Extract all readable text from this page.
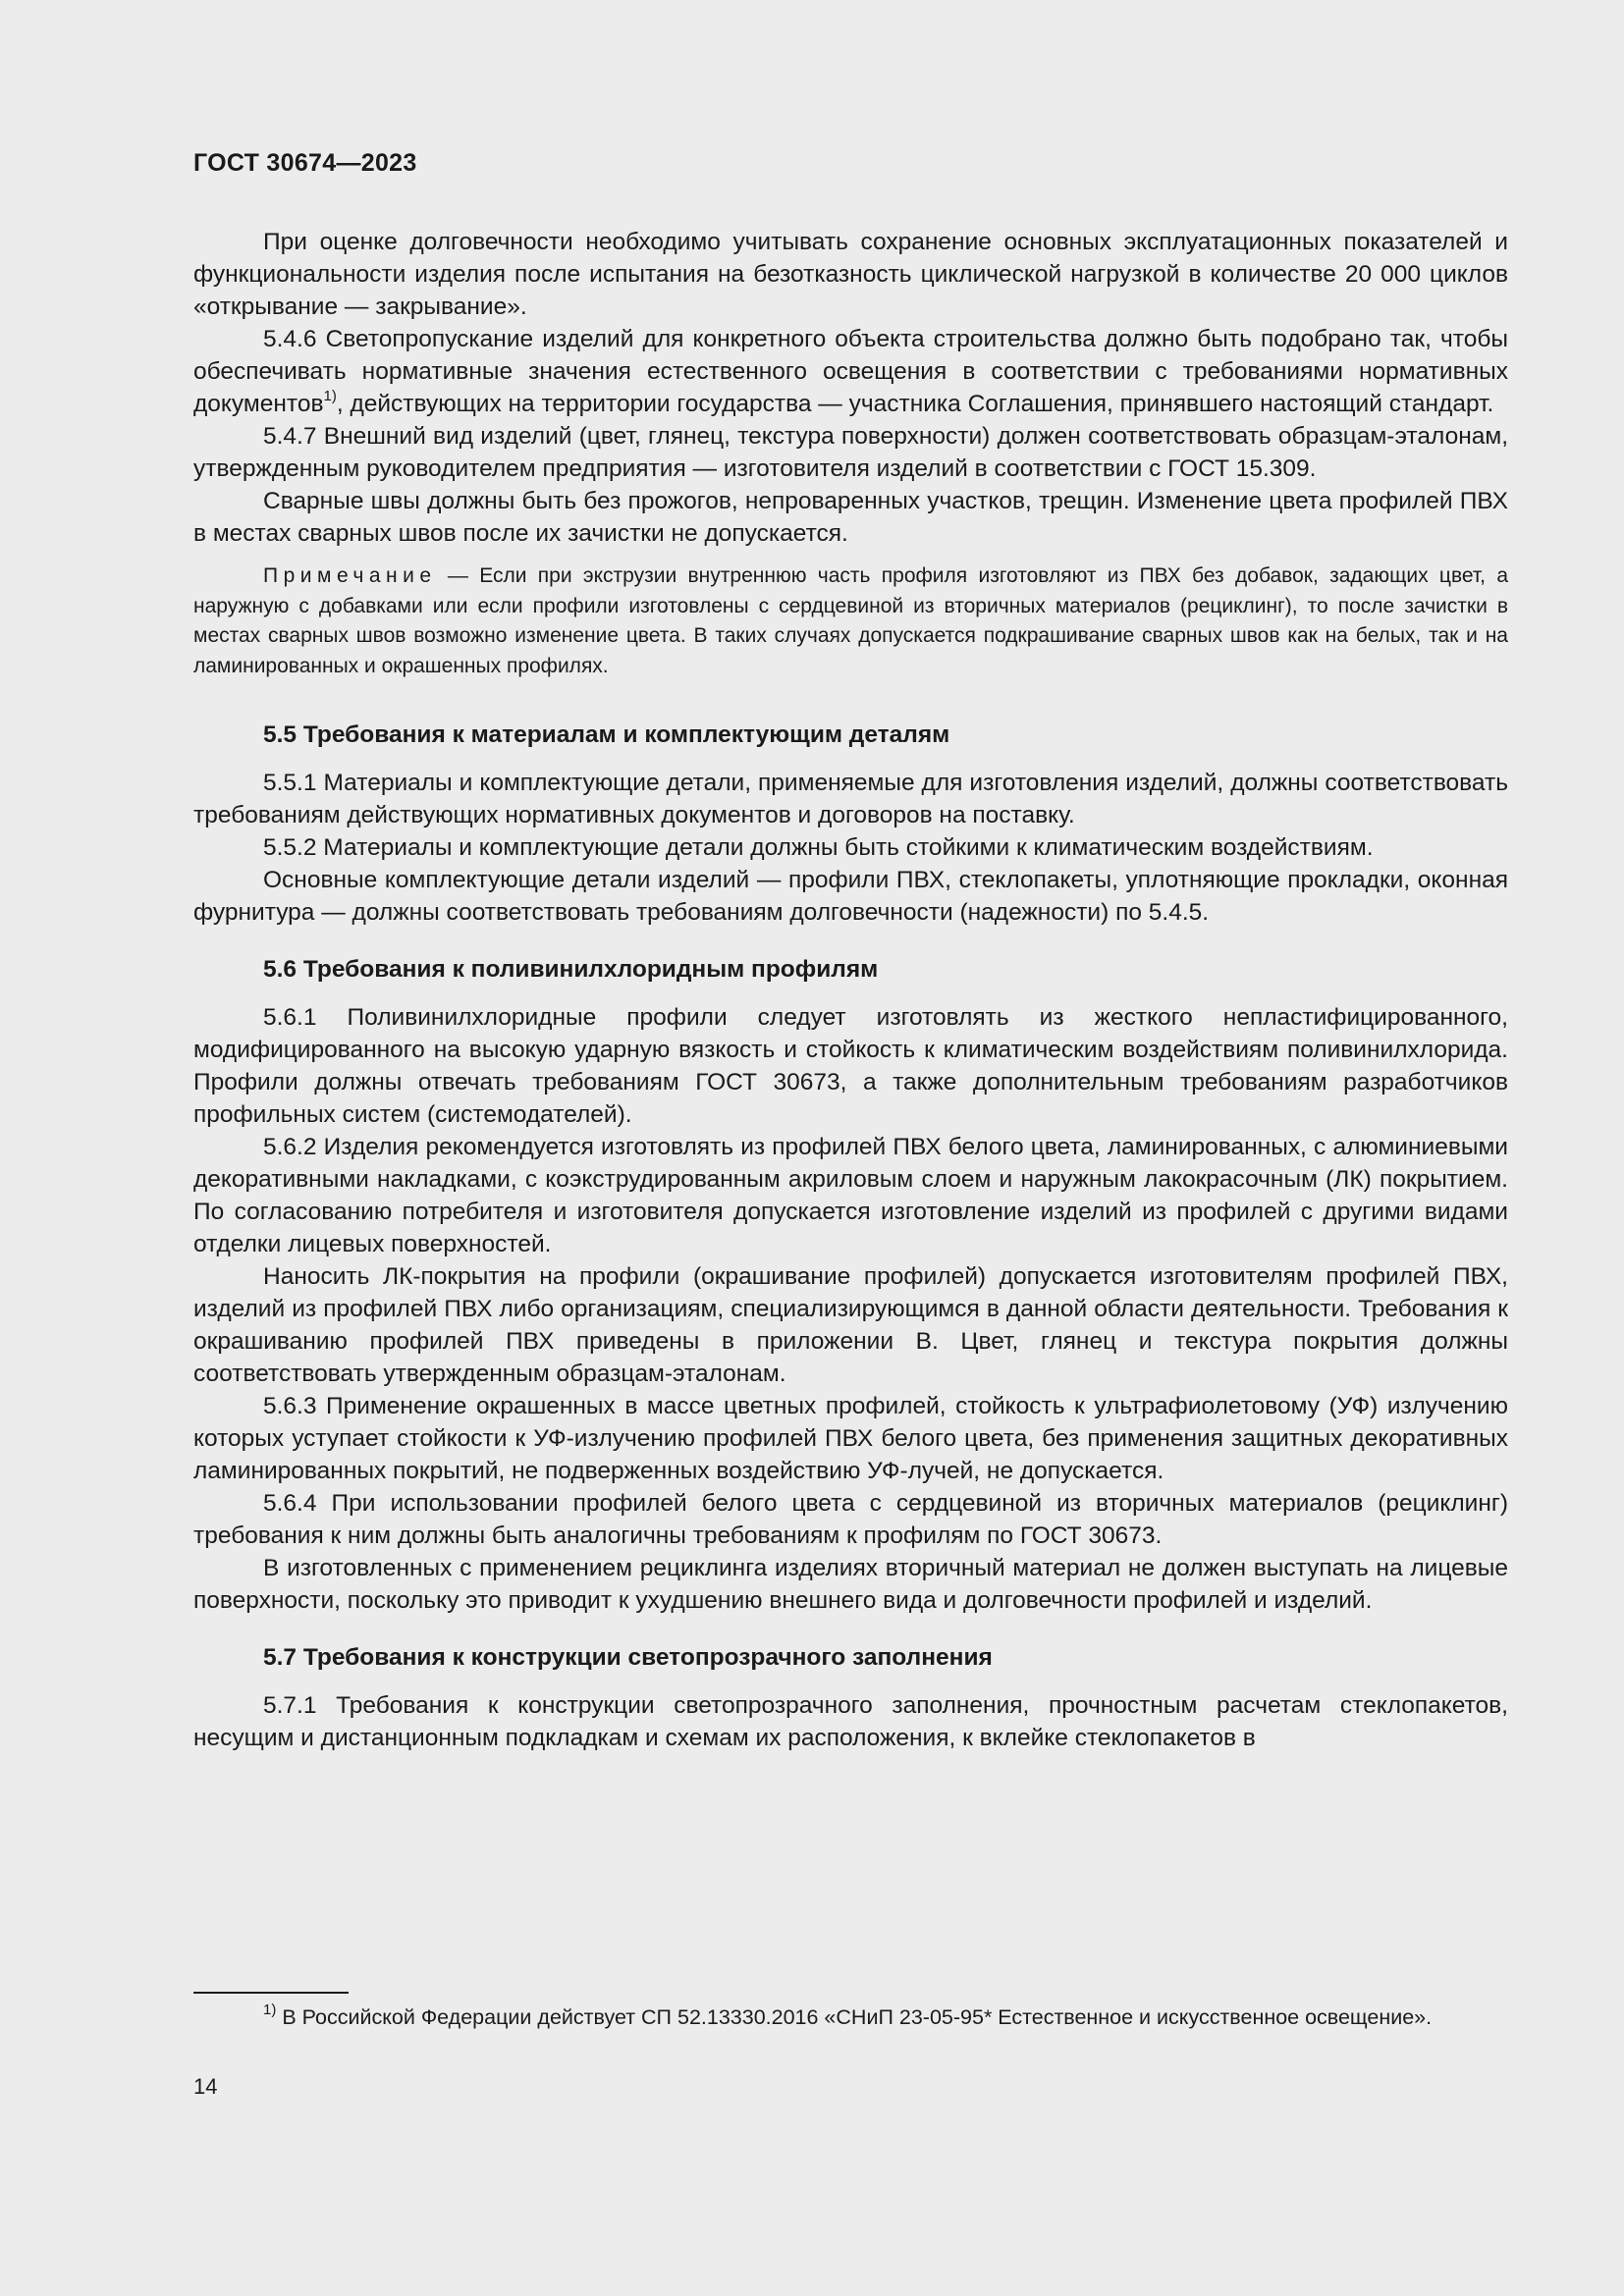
ГОСТ 30674—2023

При оценке долговечности необходимо учитывать сохранение основных эксплуатационных показателей и функциональности изделия после испытания на безотказность циклической нагрузкой в количестве 20 000 циклов «открывание — закрывание».

5.4.6 Светопропускание изделий для конкретного объекта строительства должно быть подобрано так, чтобы обеспечивать нормативные значения естественного освещения в соответствии с требованиями нормативных документов$^{1)}$, действующих на территории государства — участника Соглашения, принявшего настоящий стандарт.

5.4.7 Внешний вид изделий (цвет, глянец, текстура поверхности) должен соответствовать образцам-эталонам, утвержденным руководителем предприятия — изготовителя изделий в соответствии с ГОСТ 15.309.

Сварные швы должны быть без прожогов, непроваренных участков, трещин. Изменение цвета профилей ПВХ в местах сварных швов после их зачистки не допускается.

Примечание — Если при экструзии внутреннюю часть профиля изготовляют из ПВХ без добавок, задающих цвет, а наружную с добавками или если профили изготовлены с сердцевиной из вторичных материалов (рециклинг), то после зачистки в местах сварных швов возможно изменение цвета. В таких случаях допускается подкрашивание сварных швов как на белых, так и на ламинированных и окрашенных профилях.

5.5 Требования к материалам и комплектующим деталям

5.5.1 Материалы и комплектующие детали, применяемые для изготовления изделий, должны соответствовать требованиям действующих нормативных документов и договоров на поставку.

5.5.2 Материалы и комплектующие детали должны быть стойкими к климатическим воздействиям.

Основные комплектующие детали изделий — профили ПВХ, стеклопакеты, уплотняющие прокладки, оконная фурнитура — должны соответствовать требованиям долговечности (надежности) по 5.4.5.

5.6 Требования к поливинилхлоридным профилям

5.6.1 Поливинилхлоридные профили следует изготовлять из жесткого непластифицированного, модифицированного на высокую ударную вязкость и стойкость к климатическим воздействиям поливинилхлорида. Профили должны отвечать требованиям ГОСТ 30673, а также дополнительным требованиям разработчиков профильных систем (системодателей).

5.6.2 Изделия рекомендуется изготовлять из профилей ПВХ белого цвета, ламинированных, с алюминиевыми декоративными накладками, с коэкструдированным акриловым слоем и наружным лакокрасочным (ЛК) покрытием. По согласованию потребителя и изготовителя допускается изготовление изделий из профилей с другими видами отделки лицевых поверхностей.

Наносить ЛК-покрытия на профили (окрашивание профилей) допускается изготовителям профилей ПВХ, изделий из профилей ПВХ либо организациям, специализирующимся в данной области деятельности. Требования к окрашиванию профилей ПВХ приведены в приложении В. Цвет, глянец и текстура покрытия должны соответствовать утвержденным образцам-эталонам.

5.6.3 Применение окрашенных в массе цветных профилей, стойкость к ультрафиолетовому (УФ) излучению которых уступает стойкости к УФ-излучению профилей ПВХ белого цвета, без применения защитных декоративных ламинированных покрытий, не подверженных воздействию УФ-лучей, не допускается.

5.6.4 При использовании профилей белого цвета с сердцевиной из вторичных материалов (рециклинг) требования к ним должны быть аналогичны требованиям к профилям по ГОСТ 30673.

В изготовленных с применением рециклинга изделиях вторичный материал не должен выступать на лицевые поверхности, поскольку это приводит к ухудшению внешнего вида и долговечности профилей и изделий.

5.7 Требования к конструкции светопрозрачного заполнения

5.7.1 Требования к конструкции светопрозрачного заполнения, прочностным расчетам стеклопакетов, несущим и дистанционным подкладкам и схемам их расположения, к вклейке стеклопакетов в

$^{1)}$ В Российской Федерации действует СП 52.13330.2016 «СНиП 23-05-95* Естественное и искусственное освещение».

14
